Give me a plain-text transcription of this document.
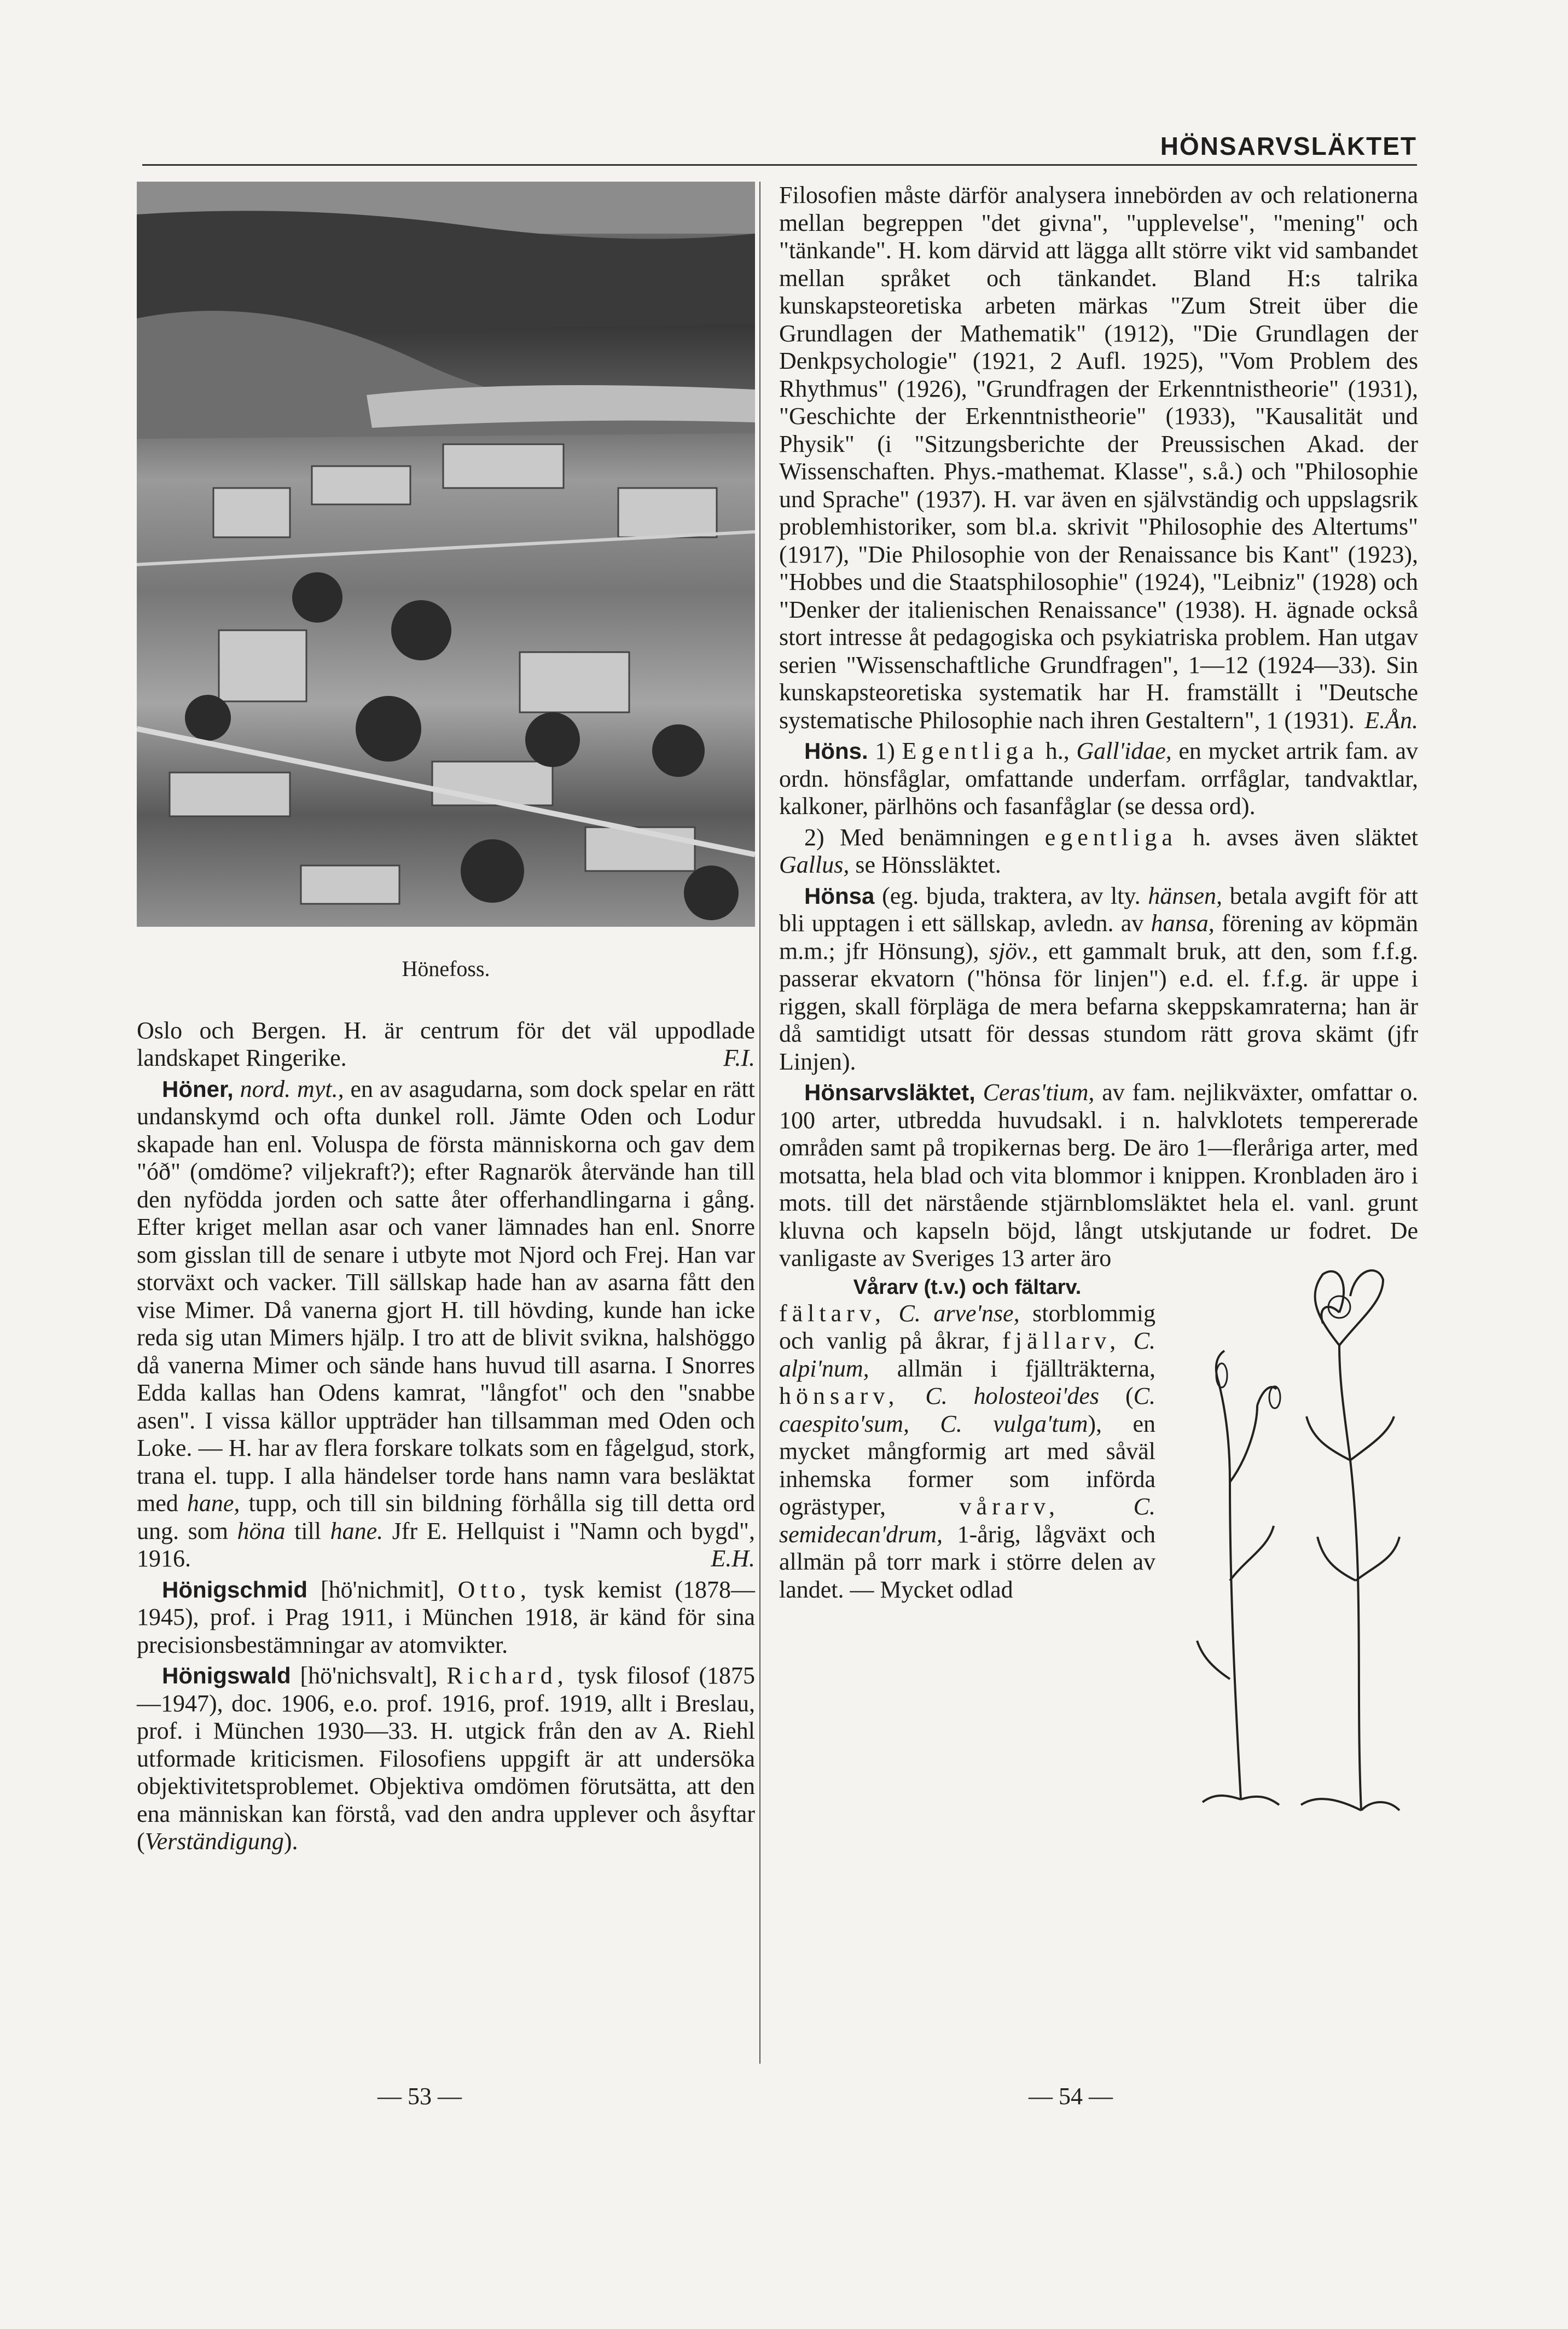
HÖNSARVSLÄKTET
Hönefoss.

Oslo och Bergen. H. är centrum för det väl uppodlade landskapet Ringerike.	F.I.

Höner, nord. myt., en av asagudarna, som dock spelar en rätt undanskymd och ofta dunkel roll. Jämte Oden och Lodur skapade han enl. Voluspa de första människorna och gav dem "óð" (omdöme? viljekraft?); efter Ragnarök återvände han till den nyfödda jorden och satte åter offerhandlingarna i gång. Efter kriget mellan asar och vaner lämnades han enl. Snorre som gisslan till de senare i utbyte mot Njord och Frej. Han var storväxt och vacker. Till sällskap hade han av asarna fått den vise Mimer. Då vanerna gjort H. till hövding, kunde han icke reda sig utan Mimers hjälp. I tro att de blivit svikna, halshöggo då vanerna Mimer och sände hans huvud till asarna. I Snorres Edda kallas han Odens kamrat, "långfot" och den "snabbe asen". I vissa källor uppträder han tillsamman med Oden och Loke. — H. har av flera forskare tolkats som en fågelgud, stork, trana el. tupp. I alla händelser torde hans namn vara besläktat med hane, tupp, och till sin bildning förhålla sig till detta ord ung. som höna till hane. Jfr E. Hellquist i "Namn och bygd", 1916.	E.H.

Hönigschmid [hö'nichmit], Otto, tysk kemist (1878—1945), prof. i Prag 1911, i München 1918, är känd för sina precisionsbestämningar av atomvikter.

Hönigswald [hö'nichsvalt], Richard, tysk filosof (1875—1947), doc. 1906, e.o. prof. 1916, prof. 1919, allt i Breslau, prof. i München 1930—33. H. utgick från den av A. Riehl utformade kriticismen. Filosofiens uppgift är att undersöka objektivitetsproblemet. Objektiva omdömen förutsätta, att den ena människan kan förstå, vad den andra upplever och åsyftar (Verständigung).

Filosofien måste därför analysera innebörden av och relationerna mellan begreppen "det givna", "upplevelse", "mening" och "tänkande". H. kom därvid att lägga allt större vikt vid sambandet mellan språket och tänkandet. Bland H:s talrika kunskapsteoretiska arbeten märkas "Zum Streit über die Grundlagen der Mathematik" (1912), "Die Grundlagen der Denkpsychologie" (1921, 2 Aufl. 1925), "Vom Problem des Rhythmus" (1926), "Grundfragen der Erkenntnistheorie" (1931), "Geschichte der Erkenntnistheorie" (1933), "Kausalität und Physik" (i "Sitzungsberichte der Preussischen Akad. der Wissenschaften. Phys.-mathemat. Klasse", s.å.) och "Philosophie und Sprache" (1937). H. var även en självständig och uppslagsrik problemhistoriker, som bl.a. skrivit "Philosophie des Altertums" (1917), "Die Philosophie von der Renaissance bis Kant" (1923), "Hobbes und die Staatsphilosophie" (1924), "Leibniz" (1928) och "Denker der italienischen Renaissance" (1938). H. ägnade också stort intresse åt pedagogiska och psykiatriska problem. Han utgav serien "Wissenschaftliche Grundfragen", 1—12 (1924—33). Sin kunskapsteoretiska systematik har H. framställt i "Deutsche systematische Philosophie nach ihren Gestaltern", 1 (1931). E.Ån.

Höns. 1) Egentliga h., Gall'idae, en mycket artrik fam. av ordn. hönsfåglar, omfattande underfam. orrfåglar, tandvaktlar, kalkoner, pärlhöns och fasanfåglar (se dessa ord).

2) Med benämningen egentliga h. avses även släktet Gallus, se Hönssläktet.

Hönsa (eg. bjuda, traktera, av lty. hänsen, betala avgift för att bli upptagen i ett sällskap, avledn. av hansa, förening av köpmän m.m.; jfr Hönsung), sjöv., ett gammalt bruk, att den, som f.f.g. passerar ekvatorn ("hönsa för linjen") e.d. el. f.f.g. är uppe i riggen, skall förpläga de mera befarna skeppskamraterna; han är då samtidigt utsatt för dessas stundom rätt grova skämt (jfr Linjen).

Hönsarvsläktet, Ceras'tium, av fam. nejlikväxter, omfattar o. 100 arter, utbredda huvudsakl. i n. halvklotets tempererade områden samt på tropikernas berg. De äro 1—fleråriga arter, med motsatta, hela blad och vita blommor i knippen. Kronbladen äro i mots. till det närstående stjärnblomsläktet hela el. vanl. grunt kluvna och kapseln böjd, långt utskjutande ur fodret. De vanligaste av Sveriges 13 arter äro

Vårarv (t.v.) och fältarv.
fältarv, C. arve'nse, storblommig och vanlig på åkrar, fjällarv, C. alpi'num, allmän i fjällträkterna, hönsarv, C. holosteoi'des (C. caespito'sum, C. vulga'tum), en mycket mångformig art med såväl inhemska former som införda ogrästyper,	vårarv,	C. semidecan'drum, 1-årig, lågväxt och allmän på torr mark i större delen av landet. — Mycket odlad

— 53 —	— 54 —
